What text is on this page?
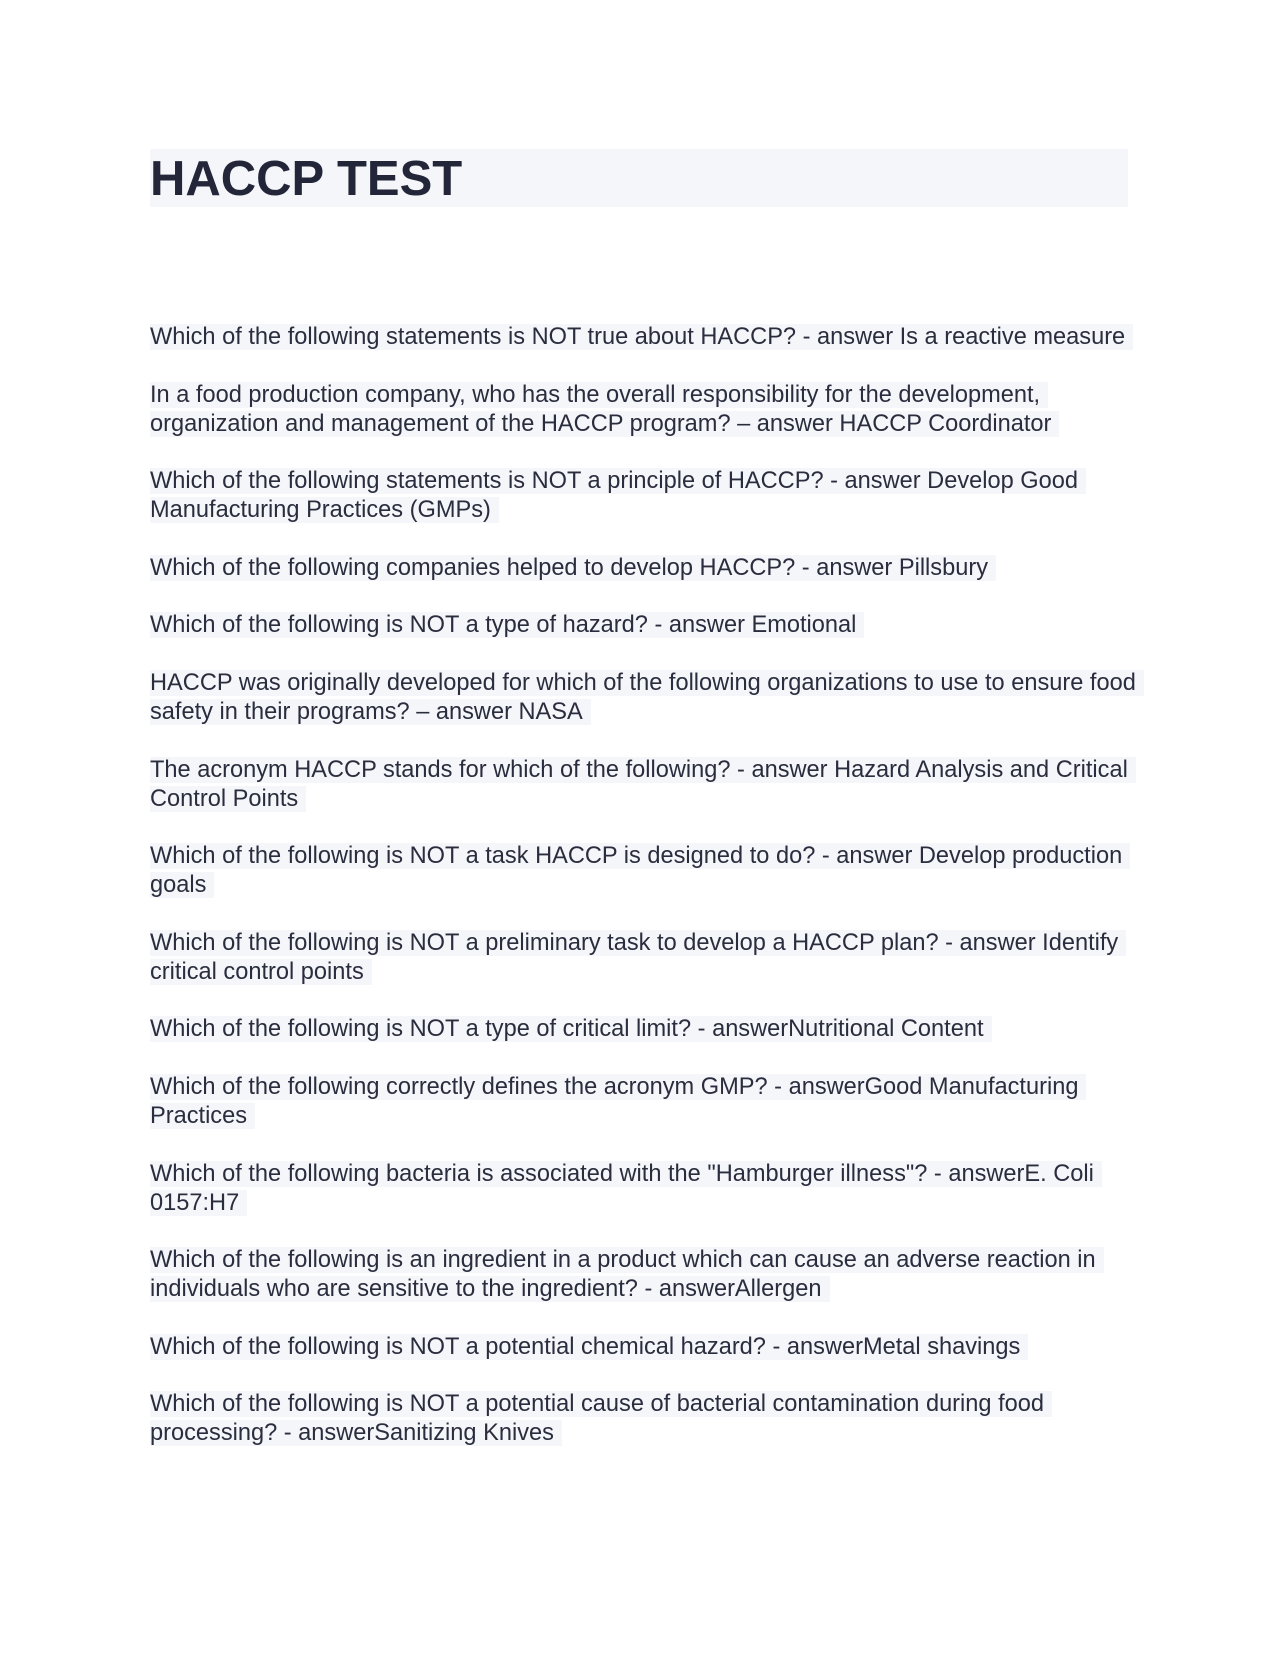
HACCP TEST
Which of the following statements is NOT true about HACCP? - answer Is a reactive measure
In a food production company, who has the overall responsibility for the development, organization and management of the HACCP program? – answer HACCP Coordinator
Which of the following statements is NOT a principle of HACCP? - answer Develop Good Manufacturing Practices (GMPs)
Which of the following companies helped to develop HACCP? - answer Pillsbury
Which of the following is NOT a type of hazard? - answer Emotional
HACCP was originally developed for which of the following organizations to use to ensure food safety in their programs? – answer NASA
The acronym HACCP stands for which of the following? - answer Hazard Analysis and Critical Control Points
Which of the following is NOT a task HACCP is designed to do? - answer Develop production goals
Which of the following is NOT a preliminary task to develop a HACCP plan? - answer Identify critical control points
Which of the following is NOT a type of critical limit? - answerNutritional Content
Which of the following correctly defines the acronym GMP? - answerGood Manufacturing Practices
Which of the following bacteria is associated with the "Hamburger illness"? - answerE. Coli 0157:H7
Which of the following is an ingredient in a product which can cause an adverse reaction in individuals who are sensitive to the ingredient? - answerAllergen
Which of the following is NOT a potential chemical hazard? - answerMetal shavings
Which of the following is NOT a potential cause of bacterial contamination during food processing? - answerSanitizing Knives
